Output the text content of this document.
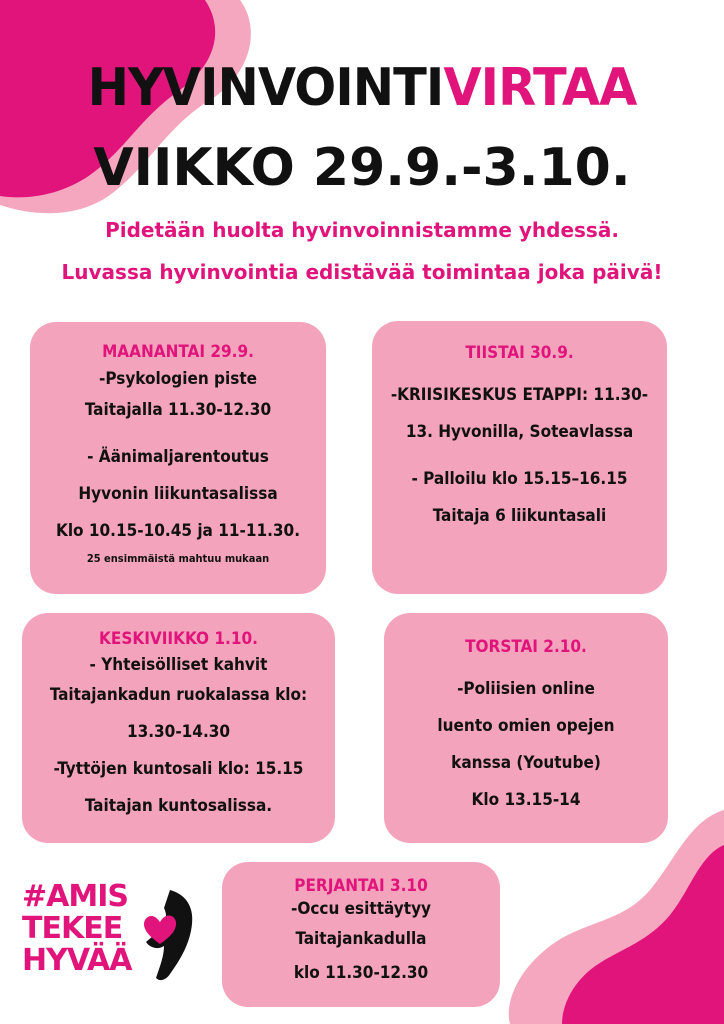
HYVINVOINTIVIRTAA
VIIKKO 29.9.-3.10.
Pidetään huolta hyvinvoinnistamme yhdessä.
Luvassa hyvinvointia edistävää toimintaa joka päivä!
MAANANTAI 29.9.
-Psykologien piste
Taitajalla 11.30-12.30
- Äänimaljarentoutus
Hyvonin liikuntasalissa
Klo 10.15-10.45 ja 11-11.30.
25 ensimmäistä mahtuu mukaan
TIISTAI 30.9.
-KRIISIKESKUS ETAPPI: 11.30-
13. Hyvonilla, Soteavlassa
- Palloilu klo 15.15–16.15
Taitaja 6 liikuntasali
KESKIVIIKKO 1.10.
- Yhteisölliset kahvit
Taitajankadun ruokalassa klo:
13.30-14.30
-Tyttöjen kuntosali klo: 15.15
Taitajan kuntosalissa.
TORSTAI 2.10.
-Poliisien online
luento omien opejen
kanssa (Youtube)
Klo 13.15-14
PERJANTAI 3.10
-Occu esittäytyy
Taitajankadulla
klo 11.30-12.30
#AMIS
TEKEE
HYVÄÄ
